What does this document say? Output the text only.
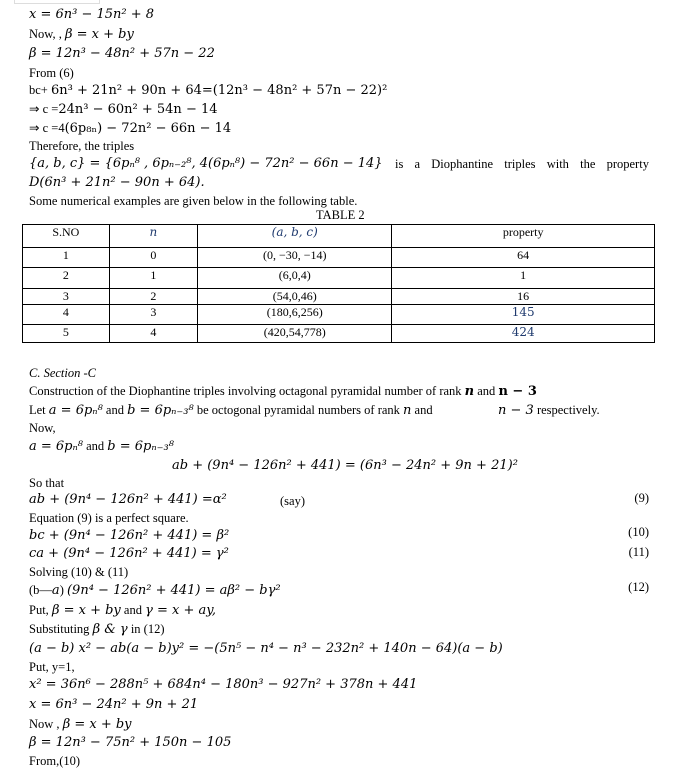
x = 6n³ − 15n² + 8
Now, , β = x + by
β = 12n³ − 48n² + 57n − 22
From (6)
bc+ 6n³ + 21n² + 90n + 64=(12n³ − 48n² + 57n − 22)²
⇒ c =24n³ − 60n² + 54n − 14
⇒ c =4(6p₈ₙ) − 72n² − 66n − 14
Therefore, the triples
{a, b, c} = {6pₙ⁸ , 6pₙ₋₂⁸, 4(6pₙ⁸) − 72n² − 66n − 14} is a Diophantine triples with the property
D(6n³ + 21n² − 90n + 64).
Some numerical examples are given below in the following table.
TABLE 2
S.NO	n	(a, b, c)	property
1	0	(0, −30, −14)	64
2	1	(6,0,4)	1
3	2	(54,0,46)	16
4	3	(180,6,256)	145
5	4	(420,54,778)	424
C. Section -C
Construction of the Diophantine triples involving octagonal pyramidal number of rank n and n − 3
Let a = 6pₙ⁸ and b = 6pₙ₋₃⁸ be octogonal pyramidal numbers of rank n and	n − 3 respectively.
Now,
a = 6pₙ⁸ and b = 6pₙ₋₃⁸
ab + (9n⁴ − 126n² + 441) = (6n³ − 24n² + 9n + 21)²
So that
ab + (9n⁴ − 126n² + 441) =α²	(say)	(9)
Equation (9) is a perfect square.
bc + (9n⁴ − 126n² + 441) = β²	(10)
ca + (9n⁴ − 126n² + 441) = γ²	(11)
Solving (10) & (11)
(b—a) (9n⁴ − 126n² + 441) = aβ² − bγ²	(12)
Put, β = x + by and γ = x + ay,
Substituting β & γ in (12)
(a − b) x² − ab(a − b)y² = −(5n⁵ − n⁴ − n³ − 232n² + 140n − 64)(a − b)
Put, y=1,
x² = 36n⁶ − 288n⁵ + 684n⁴ − 180n³ − 927n² + 378n + 441
x = 6n³ − 24n² + 9n + 21
Now , β = x + by
β = 12n³ − 75n² + 150n − 105
From,(10)
